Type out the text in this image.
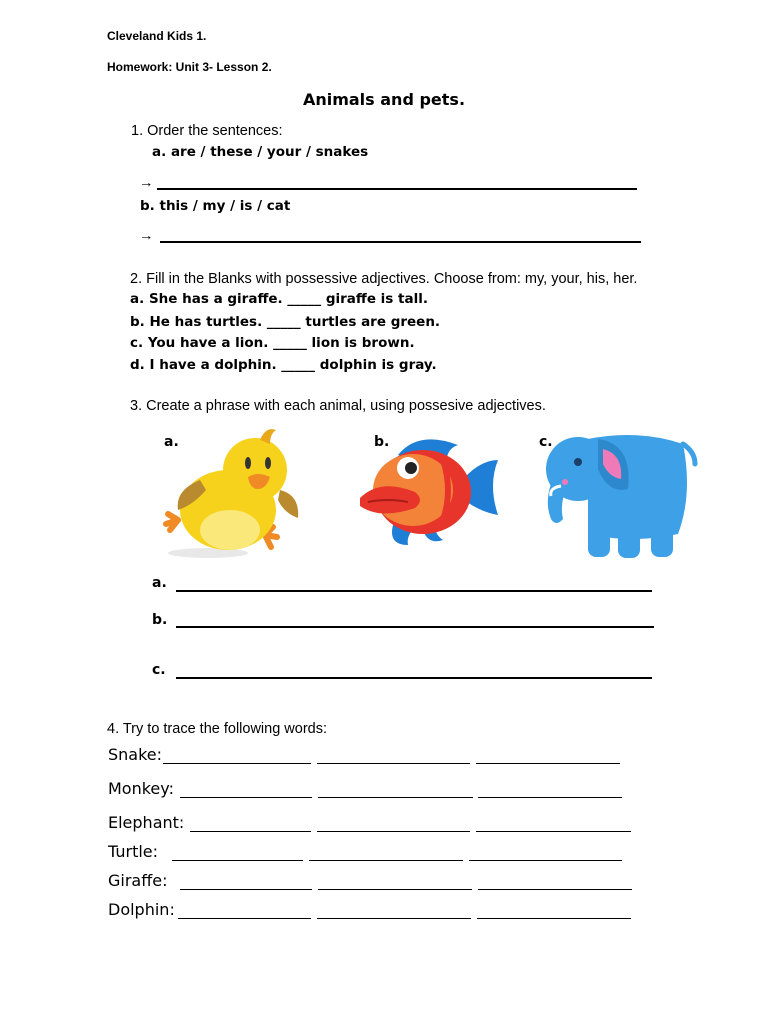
Cleveland Kids 1.
Homework: Unit 3- Lesson 2.
Animals and pets.
1. Order the sentences:
a. are / these / your / snakes
→
b. this / my / is / cat
→
2. Fill in the Blanks with possessive adjectives. Choose from: my, your, his, her.
a. She has a giraffe. _____ giraffe is tall.
b. He has turtles. _____ turtles are green.
c. You have a lion. _____ lion is brown.
d. I have a dolphin. _____ dolphin is gray.
3. Create a phrase with each animal, using possesive adjectives.
a.	b.	c.
a.
b.
c.
4. Try to trace the following words:
Snake:
Monkey:
Elephant:
Turtle:
Giraffe:
Dolphin:
